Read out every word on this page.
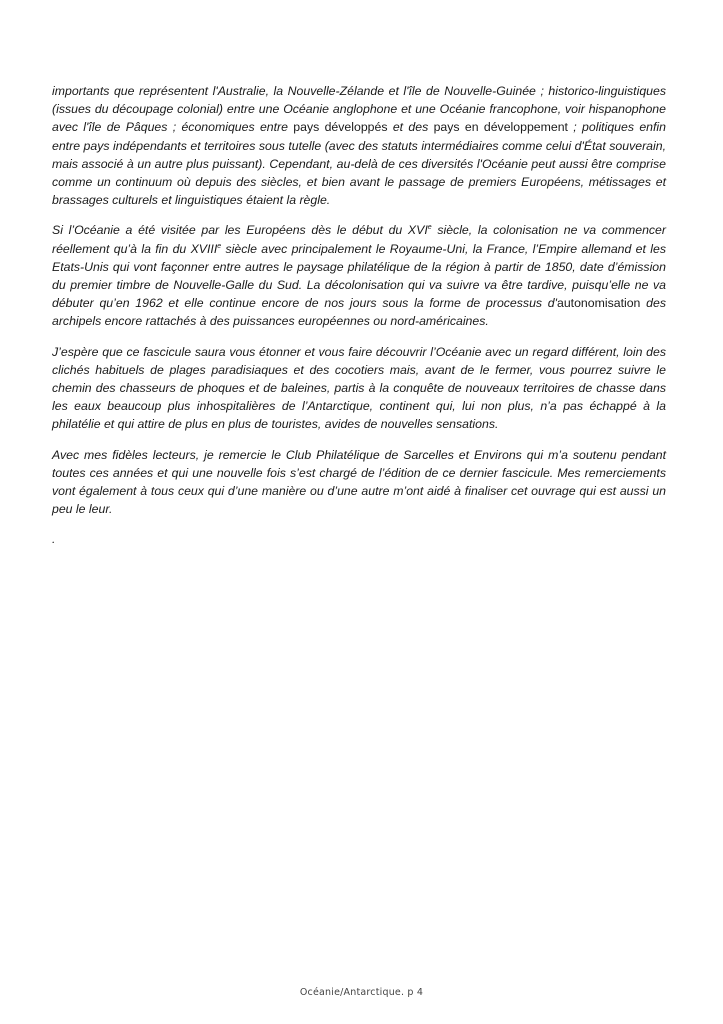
importants que représentent l'Australie, la Nouvelle-Zélande et l'île de Nouvelle-Guinée ; historico-linguistiques (issues du découpage colonial) entre une Océanie anglophone et une Océanie francophone, voir hispanophone avec l'île de Pâques ; économiques entre pays développés et des pays en développement ; politiques enfin entre pays indépendants et territoires sous tutelle (avec des statuts intermédiaires comme celui d'État souverain, mais associé à un autre plus puissant). Cependant, au-delà de ces diversités l'Océanie peut aussi être comprise comme un continuum où depuis des siècles, et bien avant le passage de premiers Européens, métissages et brassages culturels et linguistiques étaient la règle.

Si l’Océanie a été visitée par les Européens dès le début du XVIe siècle, la colonisation ne va commencer réellement qu’à la fin du XVIIIe siècle avec principalement le Royaume-Uni, la France, l’Empire allemand et les Etats-Unis qui vont façonner entre autres le paysage philatélique de la région à partir de 1850, date d’émission du premier timbre de Nouvelle-Galle du Sud. La décolonisation qui va suivre va être tardive, puisqu’elle ne va débuter qu’en 1962 et elle continue encore de nos jours sous la forme de processus d'autonomisation des archipels encore rattachés à des puissances européennes ou nord-américaines.

J’espère que ce fascicule saura vous étonner et vous faire découvrir l’Océanie avec un regard différent, loin des clichés habituels de plages paradisiaques et des cocotiers mais, avant de le fermer, vous pourrez suivre le chemin des chasseurs de phoques et de baleines, partis à la conquête de nouveaux territoires de chasse dans les eaux beaucoup plus inhospitalières de l’Antarctique, continent qui, lui non plus, n’a pas échappé à la philatélie et qui attire de plus en plus de touristes, avides de nouvelles sensations.

Avec mes fidèles lecteurs, je remercie le Club Philatélique de Sarcelles et Environs qui m’a soutenu pendant toutes ces années et qui une nouvelle fois s’est chargé de l’édition de ce dernier fascicule. Mes remerciements vont également à tous ceux qui d’une manière ou d’une autre m’ont aidé à finaliser cet ouvrage qui est aussi un peu le leur.

.

Océanie/Antarctique. p 4
